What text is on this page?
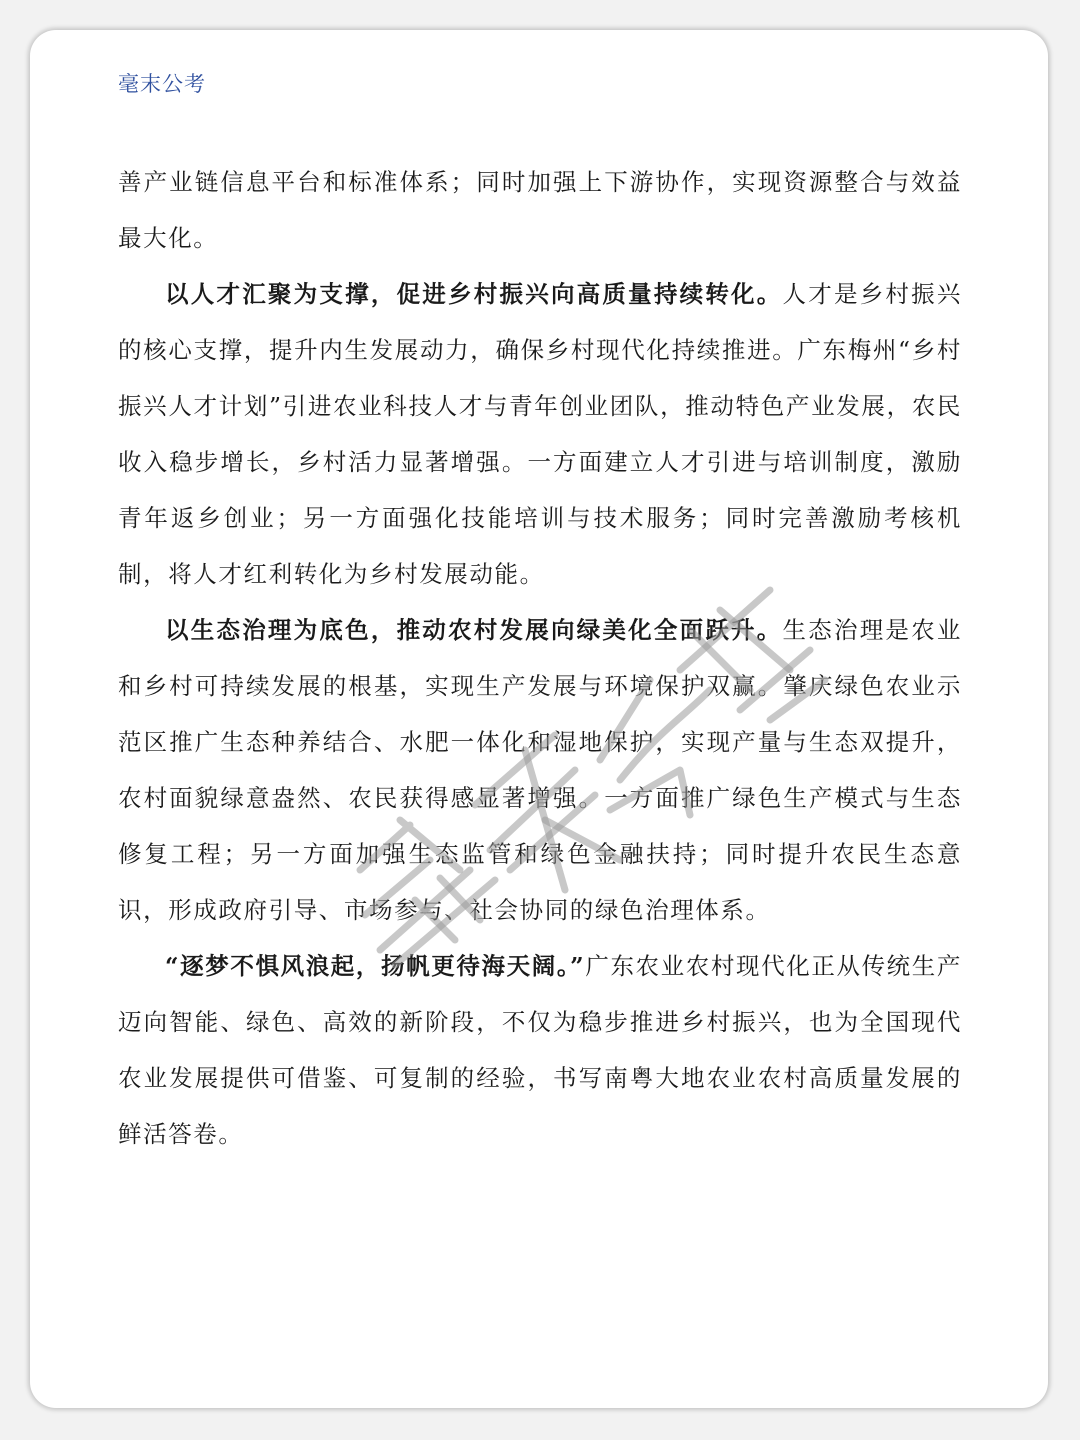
毫末公考

善产业链信息平台和标准体系；同时加强上下游协作，实现资源整合与效益最大化。

以人才汇聚为支撑，促进乡村振兴向高质量持续转化。人才是乡村振兴的核心支撑，提升内生发展动力，确保乡村现代化持续推进。广东梅州“乡村振兴人才计划”引进农业科技人才与青年创业团队，推动特色产业发展，农民收入稳步增长，乡村活力显著增强。一方面建立人才引进与培训制度，激励青年返乡创业；另一方面强化技能培训与技术服务；同时完善激励考核机制，将人才红利转化为乡村发展动能。

以生态治理为底色，推动农村发展向绿美化全面跃升。生态治理是农业和乡村可持续发展的根基，实现生产发展与环境保护双赢。肇庆绿色农业示范区推广生态种养结合、水肥一体化和湿地保护，实现产量与生态双提升，农村面貌绿意盎然、农民获得感显著增强。一方面推广绿色生产模式与生态修复工程；另一方面加强生态监管和绿色金融扶持；同时提升农民生态意识，形成政府引导、市场参与、社会协同的绿色治理体系。

“逐梦不惧风浪起，扬帆更待海天阔。”广东农业农村现代化正从传统生产迈向智能、绿色、高效的新阶段，不仅为稳步推进乡村振兴，也为全国现代农业发展提供可借鉴、可复制的经验，书写南粤大地农业农村高质量发展的鲜活答卷。
